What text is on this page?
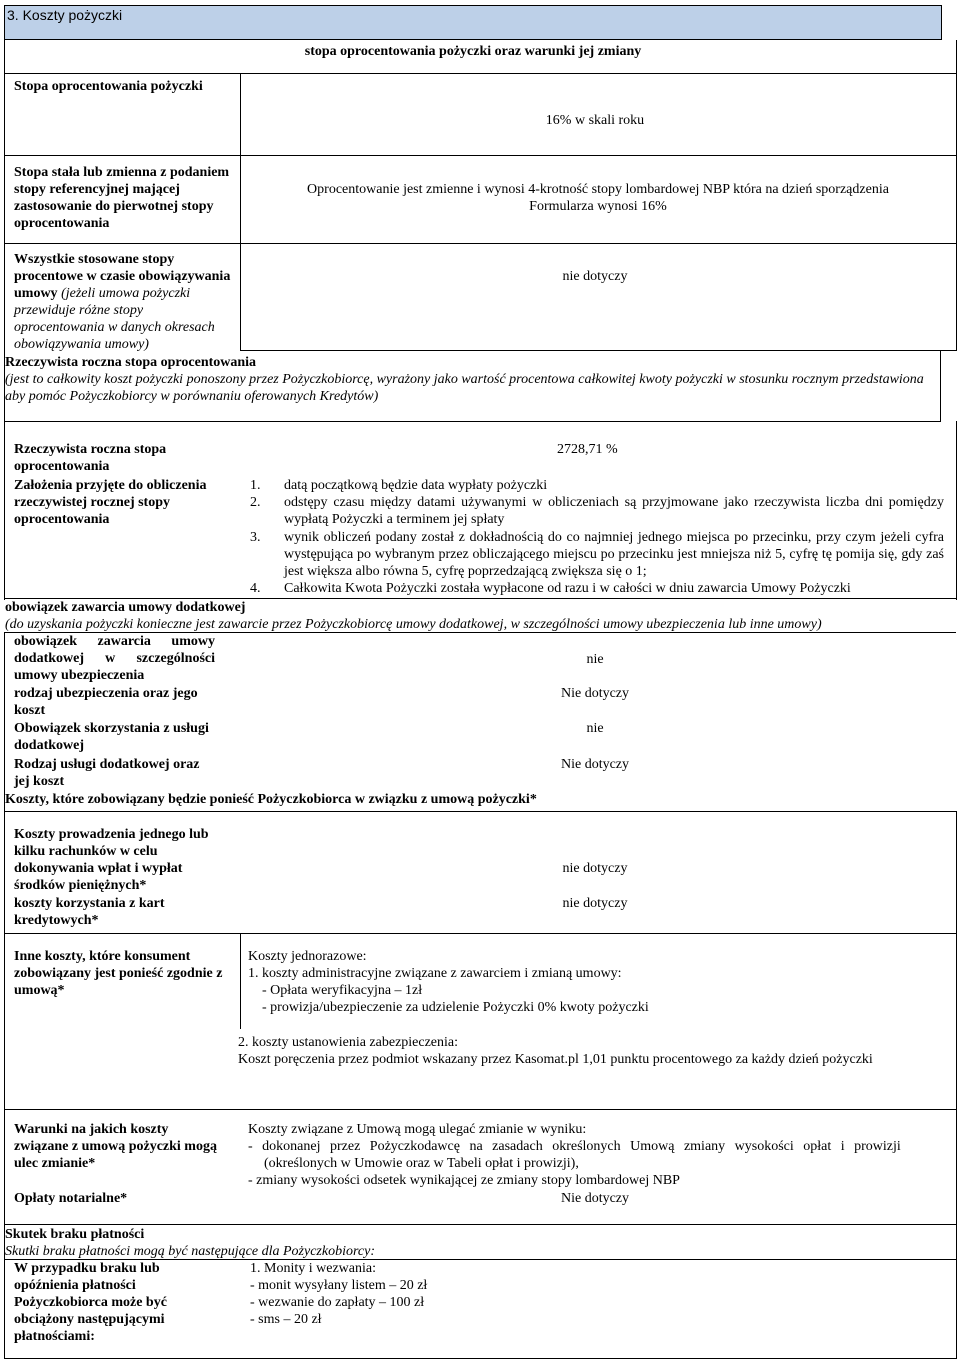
3. Koszty pożyczki
stopa oprocentowania pożyczki oraz warunki jej zmiany
Stopa oprocentowania pożyczki
16% w skali roku
Stopa stała lub zmienna z podaniem stopy referencyjnej mającej zastosowanie do pierwotnej stopy oprocentowania
Oprocentowanie jest zmienne i wynosi 4-krotność stopy lombardowej NBP która na dzień sporządzenia
Formularza wynosi 16%
Wszystkie stosowane stopy procentowe w czasie obowiązywania umowy (jeżeli umowa pożyczki przewiduje różne stopy oprocentowania w danych okresach obowiązywania umowy)
nie dotyczy
Rzeczywista roczna stopa oprocentowania
(jest to całkowity koszt pożyczki ponoszony przez Pożyczkobiorcę, wyrażony jako wartość procentowa całkowitej kwoty pożyczki w stosunku rocznym przedstawiona aby pomóc Pożyczkobiorcy w porównaniu oferowanych Kredytów)
Rzeczywista roczna stopa oprocentowania
2728,71 %
Założenia przyjęte do obliczenia rzeczywistej rocznej stopy oprocentowania
1. datą początkową będzie data wypłaty pożyczki
2. odstępy czasu między datami używanymi w obliczeniach są przyjmowane jako rzeczywista liczba dni pomiędzy wypłatą Pożyczki a terminem jej spłaty
3. wynik obliczeń podany został z dokładnością do co najmniej jednego miejsca po przecinku, przy czym jeżeli cyfra występująca po wybranym przez obliczającego miejscu po przecinku jest mniejsza niż 5, cyfrę tę pomija się, gdy zaś jest większa albo równa 5, cyfrę poprzedzającą zwiększa się o 1;
4. Całkowita Kwota Pożyczki została wypłacone od razu i w całości w dniu zawarcia Umowy Pożyczki
obowiązek zawarcia umowy dodatkowej
(do uzyskania pożyczki konieczne jest zawarcie przez Pożyczkobiorcę umowy dodatkowej, w szczególności umowy ubezpieczenia lub inne umowy)
obowiązek zawarcia umowy dodatkowej w szczególności umowy ubezpieczenia
nie
rodzaj ubezpieczenia oraz jego koszt
Nie dotyczy
Obowiązek skorzystania z usługi dodatkowej
nie
Rodzaj usługi dodatkowej oraz jej koszt
Nie dotyczy
Koszty, które zobowiązany będzie ponieść Pożyczkobiorca w związku z umową pożyczki*
Koszty prowadzenia jednego lub kilku rachunków w celu dokonywania wpłat i wypłat środków pieniężnych*
nie dotyczy
koszty korzystania z kart kredytowych*
nie dotyczy
Inne koszty, które konsument zobowiązany jest ponieść zgodnie z umową*
Koszty jednorazowe:
1. koszty administracyjne związane z zawarciem i zmianą umowy:
- Opłata weryfikacyjna – 1zł
- prowizja/ubezpieczenie za udzielenie Pożyczki 0% kwoty pożyczki
2. koszty ustanowienia zabezpieczenia:
Koszt poręczenia przez podmiot wskazany przez Kasomat.pl 1,01 punktu procentowego za każdy dzień pożyczki
Warunki na jakich koszty związane z umową pożyczki mogą ulec zmianie*
Koszty związane z Umową mogą ulegać zmianie w wyniku:
- dokonanej przez Pożyczkodawcę na zasadach określonych Umową zmiany wysokości opłat i prowizji
(określonych w Umowie oraz w Tabeli opłat i prowizji),
- zmiany wysokości odsetek wynikającej ze zmiany stopy lombardowej NBP
Opłaty notarialne*	Nie dotyczy
Skutek braku płatności
Skutki braku płatności mogą być następujące dla Pożyczkobiorcy:
W przypadku braku lub opóźnienia płatności Pożyczkobiorca może być obciążony następującymi płatnościami:
1. Monity i wezwania:
- monit wysyłany listem – 20 zł
- wezwanie do zapłaty – 100 zł
- sms – 20 zł
